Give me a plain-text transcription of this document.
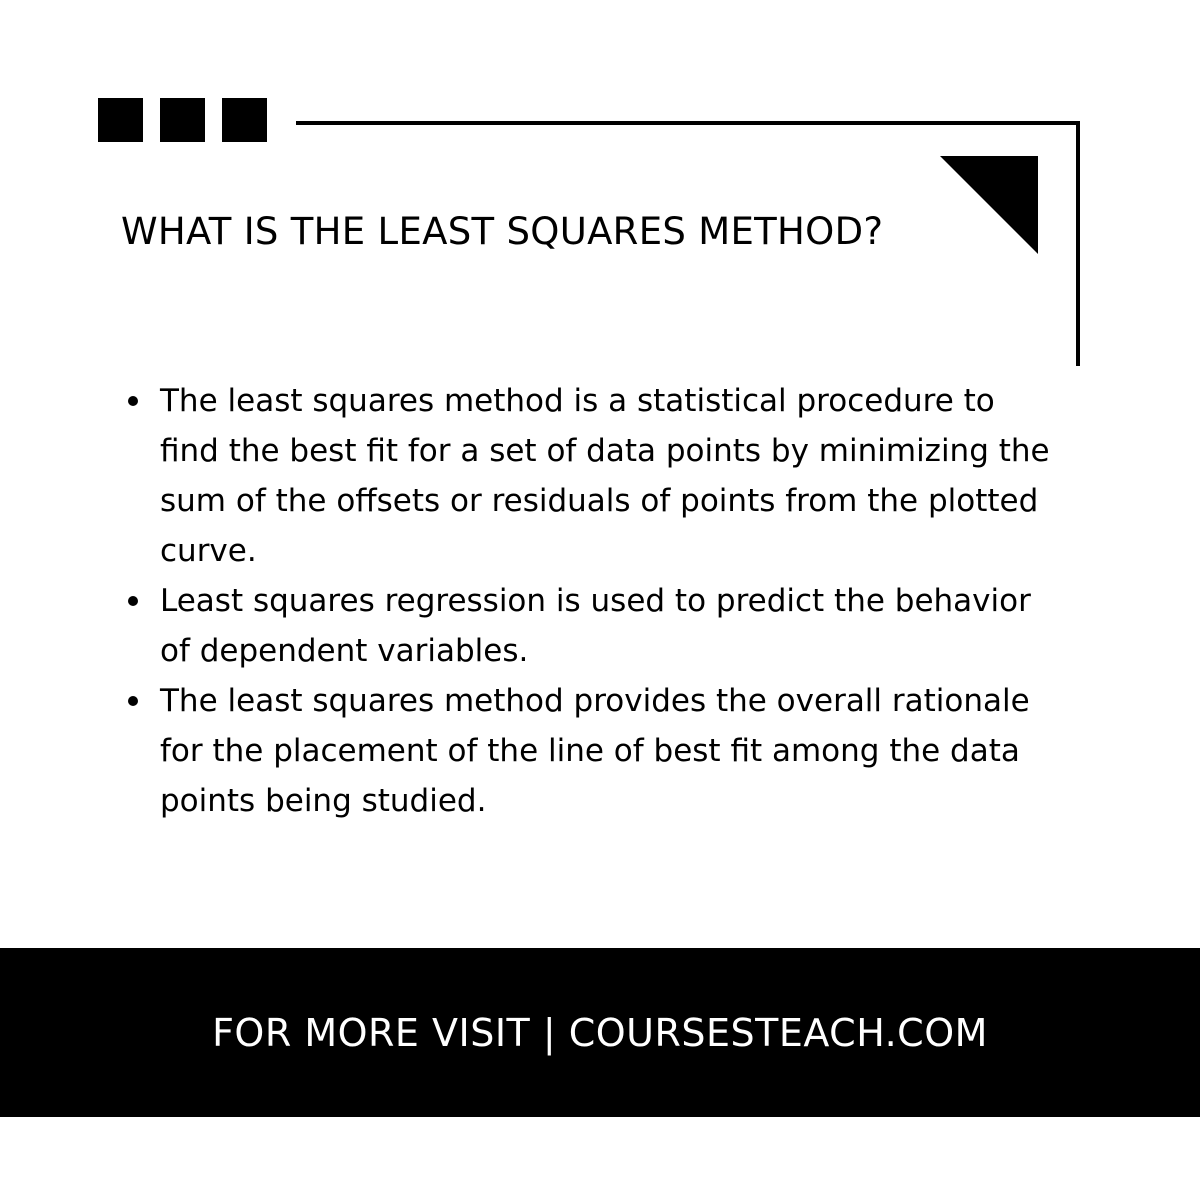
WHAT IS THE LEAST SQUARES METHOD?
The least squares method is a statistical procedure to find the best fit for a set of data points by minimizing the sum of the offsets or residuals of points from the plotted curve.
Least squares regression is used to predict the behavior of dependent variables.
The least squares method provides the overall rationale for the placement of the line of best fit among the data points being studied.
FOR MORE VISIT | COURSESTEACH.COM
